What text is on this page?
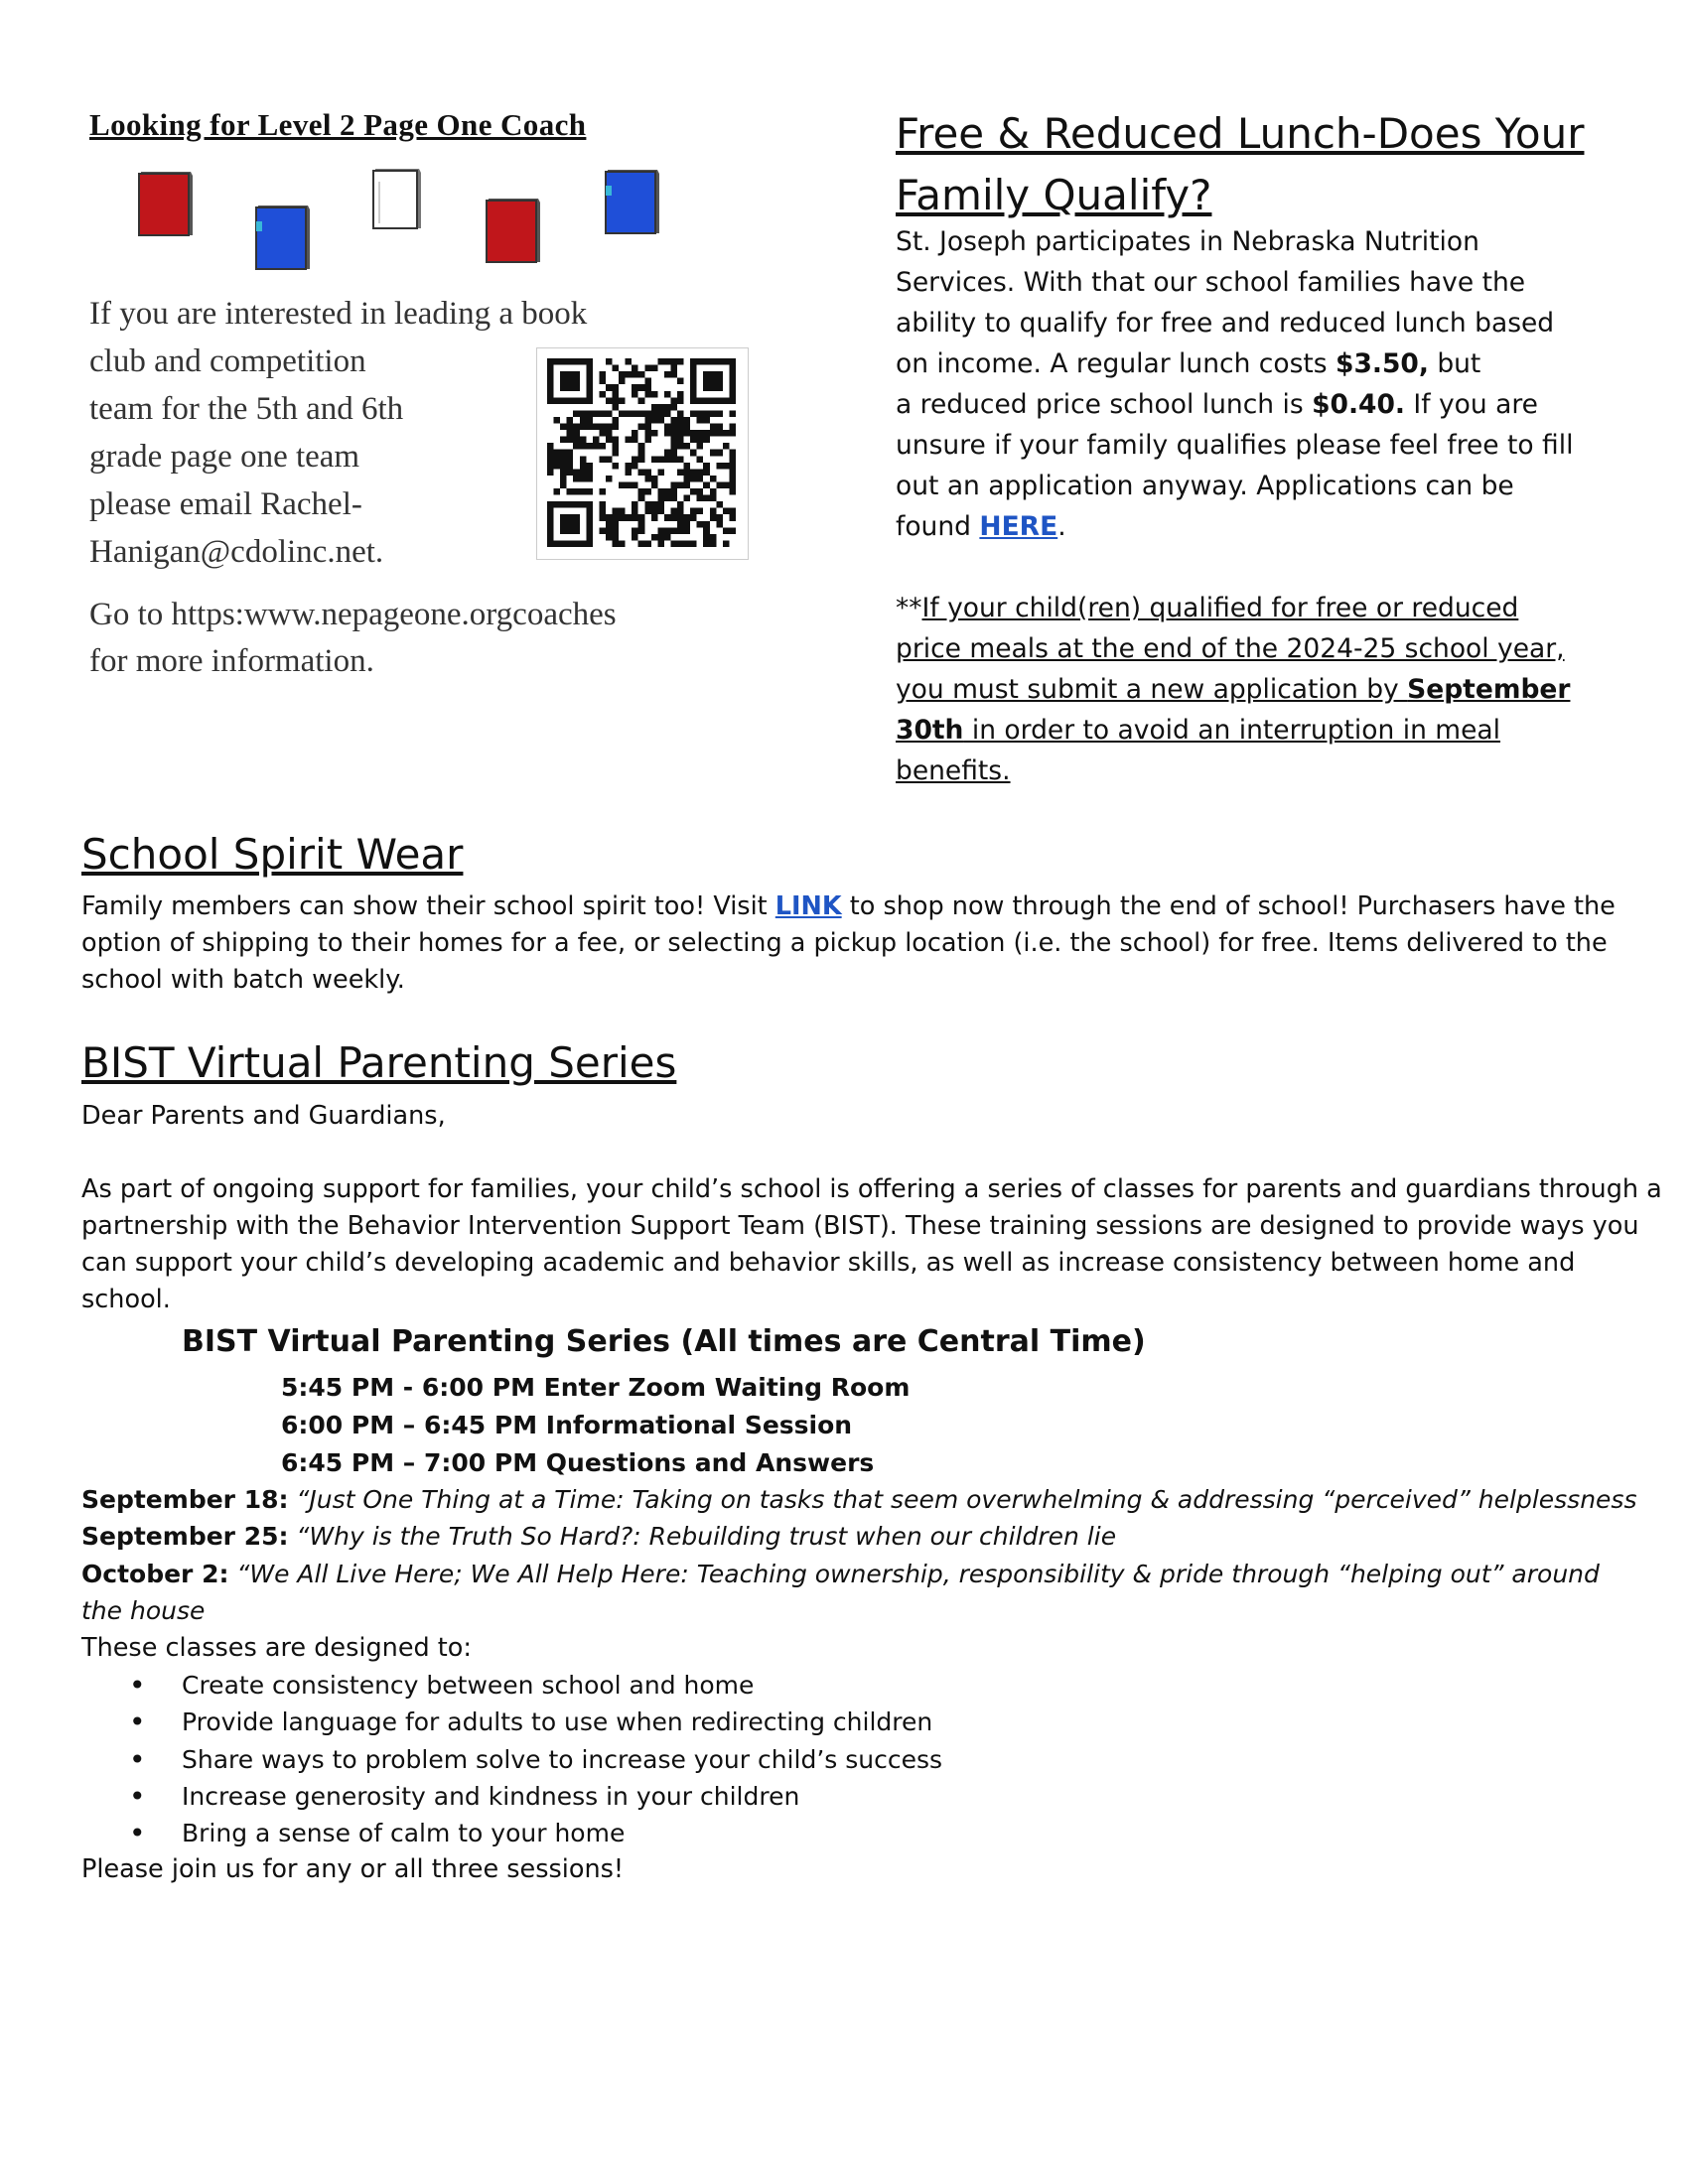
Looking for Level 2 Page One Coach
If you are interested in leading a book
club and competition
team for the 5th and 6th
grade page one team
please email Rachel-
Hanigan@cdolinc.net.
Go to https:www.nepageone.orgcoaches
for more information.
Free & Reduced Lunch-Does Your Family Qualify?
St. Joseph participates in Nebraska Nutrition
Services. With that our school families have the
ability to qualify for free and reduced lunch based
on income. A regular lunch costs $3.50, but
a reduced price school lunch is $0.40. If you are
unsure if your family qualifies please feel free to fill
out an application anyway. Applications can be
found HERE.
**If your child(ren) qualified for free or reduced
price meals at the end of the 2024-25 school year,
you must submit a new application by September
30th in order to avoid an interruption in meal
benefits.
School Spirit Wear
Family members can show their school spirit too! Visit LINK to shop now through the end of school! Purchasers have the
option of shipping to their homes for a fee, or selecting a pickup location (i.e. the school) for free. Items delivered to the
school with batch weekly.
BIST Virtual Parenting Series
Dear Parents and Guardians,
As part of ongoing support for families, your child’s school is offering a series of classes for parents and guardians through a
partnership with the Behavior Intervention Support Team (BIST). These training sessions are designed to provide ways you
can support your child’s developing academic and behavior skills, as well as increase consistency between home and
school.
BIST Virtual Parenting Series (All times are Central Time)
5:45 PM - 6:00 PM Enter Zoom Waiting Room
6:00 PM – 6:45 PM Informational Session
6:45 PM – 7:00 PM Questions and Answers
September 18: “Just One Thing at a Time: Taking on tasks that seem overwhelming & addressing “perceived” helplessness
September 25: “Why is the Truth So Hard?: Rebuilding trust when our children lie
October 2: “We All Live Here; We All Help Here: Teaching ownership, responsibility & pride through “helping out” around
the house
These classes are designed to:
• Create consistency between school and home
• Provide language for adults to use when redirecting children
• Share ways to problem solve to increase your child’s success
• Increase generosity and kindness in your children
• Bring a sense of calm to your home
Please join us for any or all three sessions!
